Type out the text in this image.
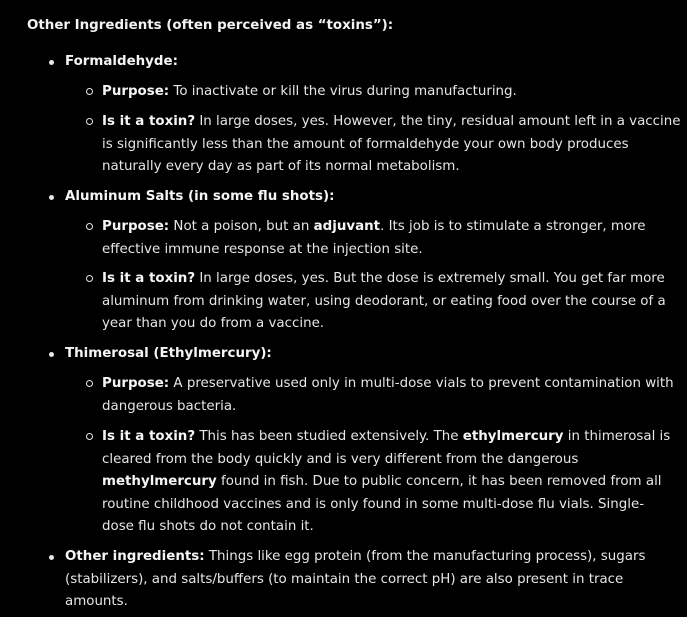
Other Ingredients (often perceived as “toxins”):

Formaldehyde:
Purpose: To inactivate or kill the virus during manufacturing.
Is it a toxin? In large doses, yes. However, the tiny, residual amount left in a vaccine
is significantly less than the amount of formaldehyde your own body produces
naturally every day as part of its normal metabolism.
Aluminum Salts (in some flu shots):
Purpose: Not a poison, but an adjuvant. Its job is to stimulate a stronger, more
effective immune response at the injection site.
Is it a toxin? In large doses, yes. But the dose is extremely small. You get far more
aluminum from drinking water, using deodorant, or eating food over the course of a
year than you do from a vaccine.
Thimerosal (Ethylmercury):
Purpose: A preservative used only in multi-dose vials to prevent contamination with
dangerous bacteria.
Is it a toxin? This has been studied extensively. The ethylmercury in thimerosal is
cleared from the body quickly and is very different from the dangerous
methylmercury found in fish. Due to public concern, it has been removed from all
routine childhood vaccines and is only found in some multi-dose flu vials. Single-
dose flu shots do not contain it.
Other ingredients: Things like egg protein (from the manufacturing process), sugars
(stabilizers), and salts/buffers (to maintain the correct pH) are also present in trace
amounts.
